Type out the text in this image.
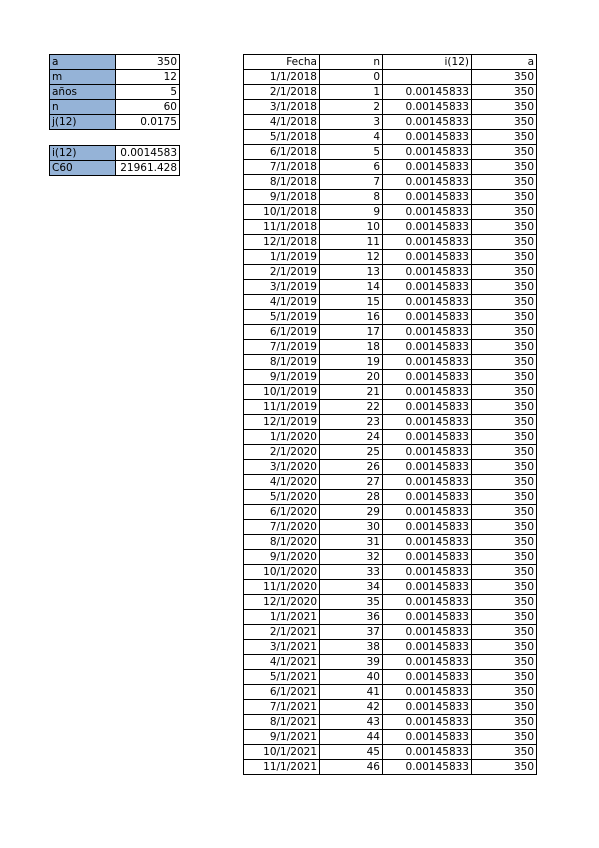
a	350
m	12
años	5
n	60
j(12)	0.0175
i(12)	0.0014583
C60	21961.428
Fecha	n	i(12)	a
1/1/2018	0		350
2/1/2018	1	0.00145833	350
3/1/2018	2	0.00145833	350
4/1/2018	3	0.00145833	350
5/1/2018	4	0.00145833	350
6/1/2018	5	0.00145833	350
7/1/2018	6	0.00145833	350
8/1/2018	7	0.00145833	350
9/1/2018	8	0.00145833	350
10/1/2018	9	0.00145833	350
11/1/2018	10	0.00145833	350
12/1/2018	11	0.00145833	350
1/1/2019	12	0.00145833	350
2/1/2019	13	0.00145833	350
3/1/2019	14	0.00145833	350
4/1/2019	15	0.00145833	350
5/1/2019	16	0.00145833	350
6/1/2019	17	0.00145833	350
7/1/2019	18	0.00145833	350
8/1/2019	19	0.00145833	350
9/1/2019	20	0.00145833	350
10/1/2019	21	0.00145833	350
11/1/2019	22	0.00145833	350
12/1/2019	23	0.00145833	350
1/1/2020	24	0.00145833	350
2/1/2020	25	0.00145833	350
3/1/2020	26	0.00145833	350
4/1/2020	27	0.00145833	350
5/1/2020	28	0.00145833	350
6/1/2020	29	0.00145833	350
7/1/2020	30	0.00145833	350
8/1/2020	31	0.00145833	350
9/1/2020	32	0.00145833	350
10/1/2020	33	0.00145833	350
11/1/2020	34	0.00145833	350
12/1/2020	35	0.00145833	350
1/1/2021	36	0.00145833	350
2/1/2021	37	0.00145833	350
3/1/2021	38	0.00145833	350
4/1/2021	39	0.00145833	350
5/1/2021	40	0.00145833	350
6/1/2021	41	0.00145833	350
7/1/2021	42	0.00145833	350
8/1/2021	43	0.00145833	350
9/1/2021	44	0.00145833	350
10/1/2021	45	0.00145833	350
11/1/2021	46	0.00145833	350
